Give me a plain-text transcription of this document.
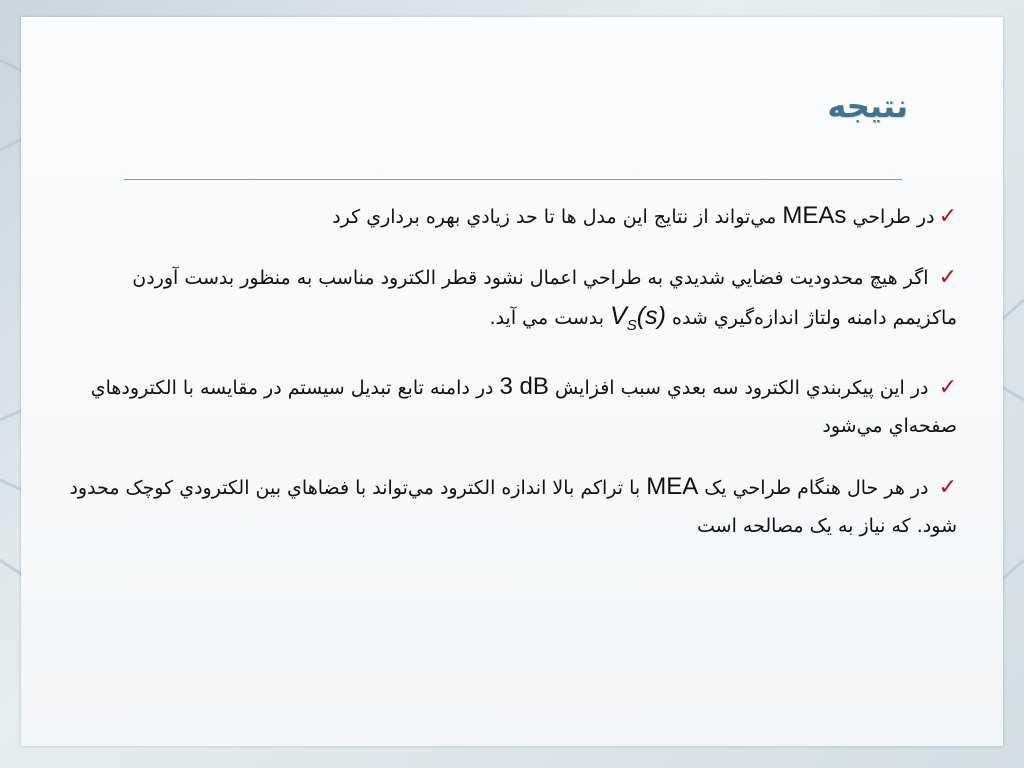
نتيجه
✓در طراحي MEAs مي‌تواند از نتايج اين مدل ها تا حد زيادي بهره برداري كرد
✓ اگر هيچ محدوديت فضايي شديدي به طراحي اعمال نشود قطر الكترود مناسب به منظور بدست آوردن ماكزيمم دامنه ولتاژ اندازه‌گيري شده $V_S(s)$ بدست مي آيد.
✓ در اين پيكربندي الكترود سه بعدي سبب افزايش 3 dB در دامنه تابع تبديل سيستم در مقايسه با الكترودهاي صفحه‌اي مي‌شود
✓ در هر حال هنگام طراحي يک MEA با تراكم بالا اندازه الكترود مي‌تواند با فضاهاي بين الكترودي كوچک محدود شود. كه نياز به يک مصالحه است
